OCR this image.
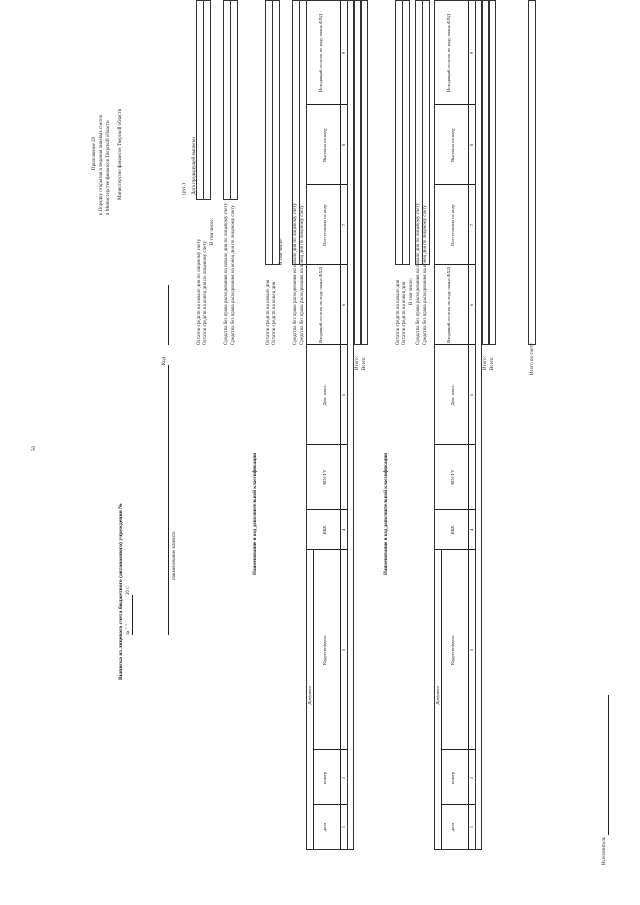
50
Приложение 20 к Порядку открытия и ведения лицевых счетов в Министерстве финансов Тверской области Министерство финансов Тверской области
Выписка из лицевого счета бюджетного (автономного) учреждения № за " "
20 г.
наименование клиента
Код
Дата предыдущей выписки
(рус.)
Остаток средств на начало дня по лицевому счету Остаток средств на конец дня по лицевому счету
В том числе: Средства без права расходования на начало дня по лицевому счету Средства без права расходования на конец дня по лицевому счету
Наименование и код дополнительной классификации
Остаток средств на начало дня Остаток средств на конец дня
В том числе: Средства без права расходования на начало дня по лицевому счету Средства без права расходования на конец дня по лицевому счету
Документ
дата
номер
Корреспондент
КБК
КОСГУ
Доп. класс
Входящий остаток по коду плана ФХД
Поступления по коду
Выплаты по коду
Исходящий остаток по коду плана ФХД
1
2
3
4
5
6
7
8
9
Итого: Всего:
Наименование и код дополнительной классификации
Остаток средств на начало дня Остаток средств на конец дня В том числе: Средства без права расходования на начало дня по лицевому счету Средства без права расходования на конец дня по лицевому счету
Документ
дата
номер
Корреспондент
КБК
КОСГУ
Доп. класс
Входящий остаток по коду плана ФХД
Поступления по коду
Выплаты по коду
Исходящий остаток по коду плана ФХД
1
2
3
4
5
6
7
8
9
Итого: Всего:	Итого по счету
Исполнитель
